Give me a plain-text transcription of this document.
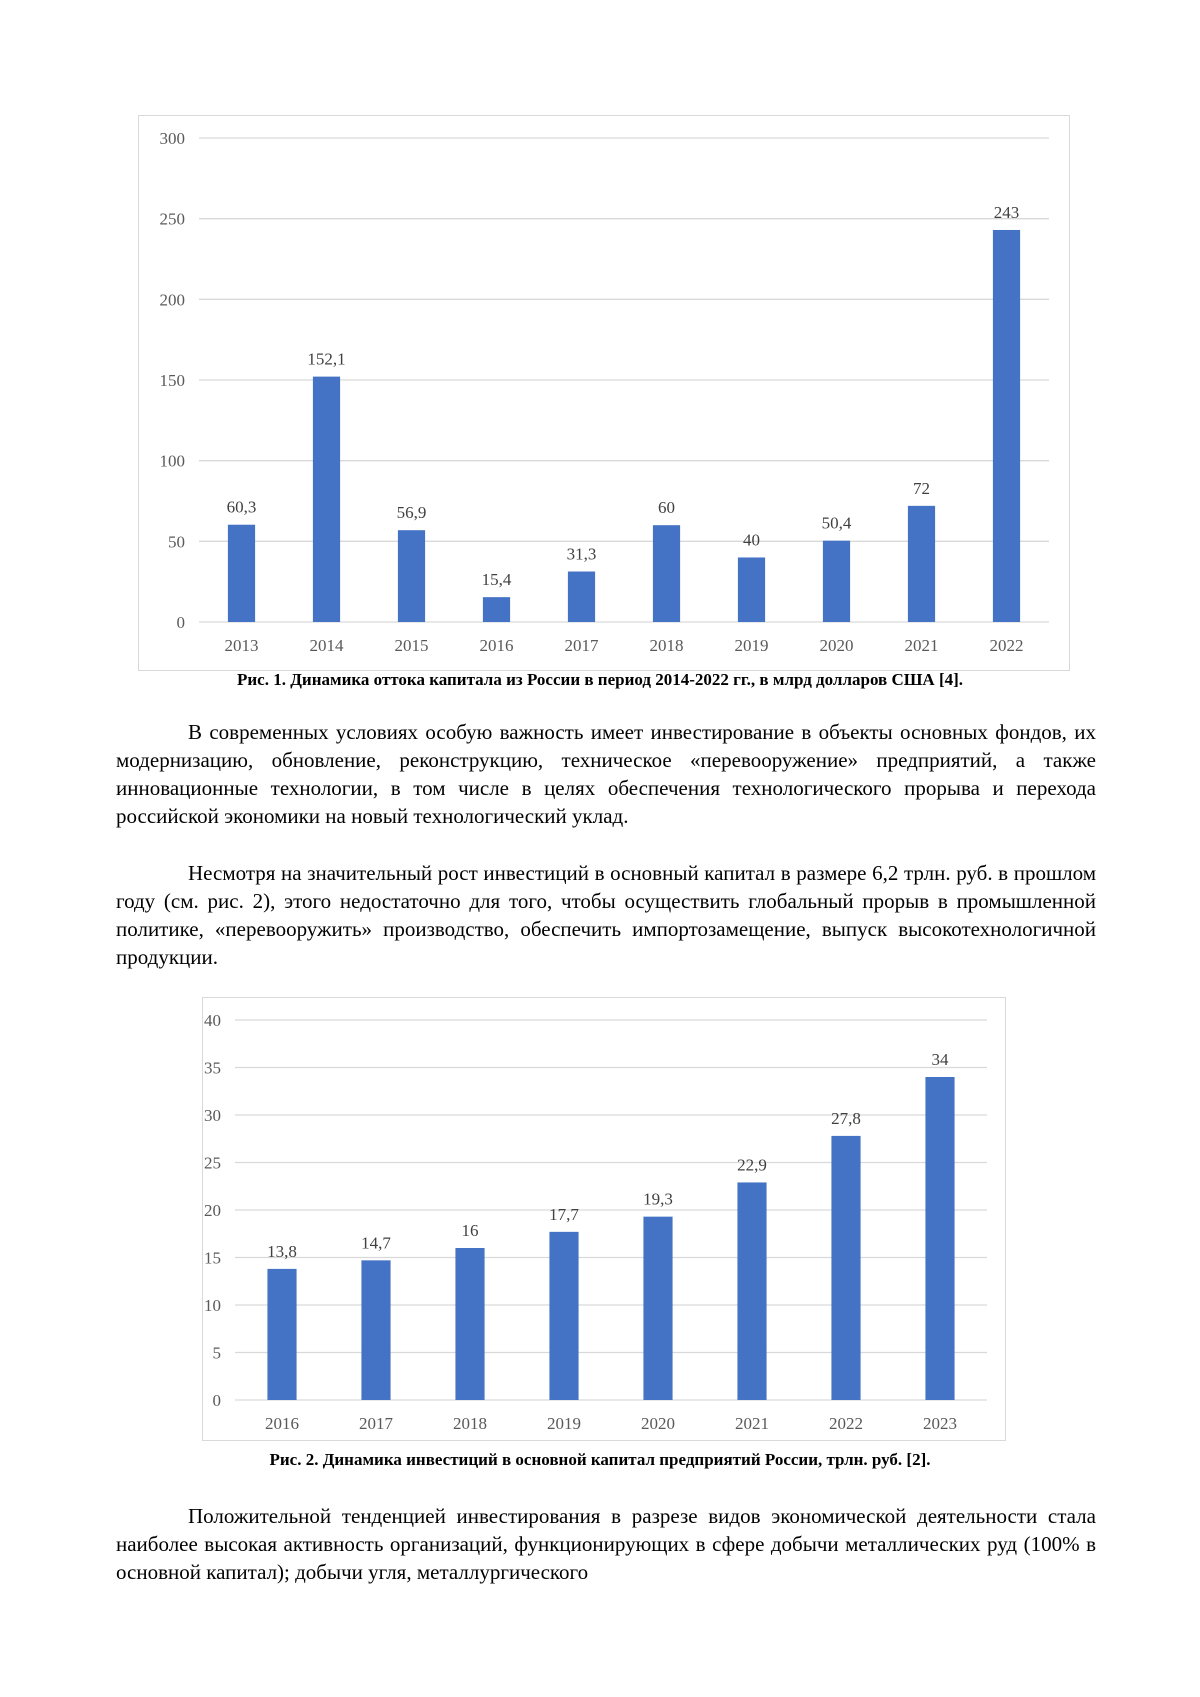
0
50
100
150
200
250
300
60,3
2013
152,1
2014
56,9
2015
15,4
2016
31,3
2017
60
2018
40
2019
50,4
2020
72
2021
243
2022
Рис. 1. Динамика оттока капитала из России в период 2014-2022 гг., в млрд долларов США [4].

В современных условиях особую важность имеет инвестирование в объекты основных фондов, их модернизацию, обновление, реконструкцию, техническое «перевооружение» предприятий, а также инновационные технологии, в том числе в целях обеспечения технологического прорыва и перехода российской экономики на новый технологический уклад.

Несмотря на значительный рост инвестиций в основный капитал в размере 6,2 трлн. руб. в прошлом году (см. рис. 2), этого недостаточно для того, чтобы осуществить глобальный прорыв в промышленной политике, «перевооружить» производство, обеспечить импортозамещение, выпуск высокотехнологичной продукции.

0
5
10
15
20
25
30
35
40
13,8
2016
14,7
2017
16
2018
17,7
2019
19,3
2020
22,9
2021
27,8
2022
34
2023
Рис. 2. Динамика инвестиций в основной капитал предприятий России, трлн. руб. [2].

Положительной тенденцией инвестирования в разрезе видов экономической деятельности стала наиболее высокая активность организаций, функционирующих в сфере добычи металлических руд (100% в основной капитал); добычи угля, металлургического
